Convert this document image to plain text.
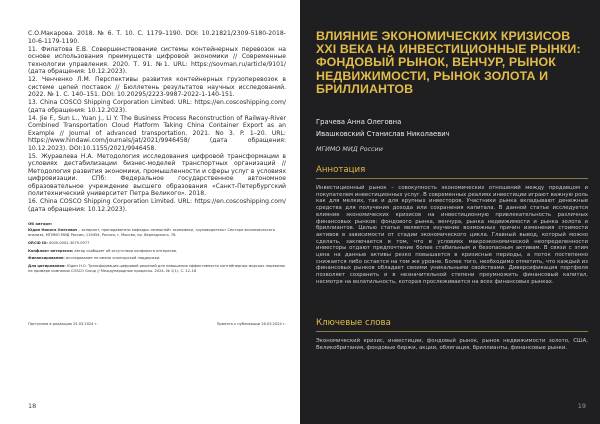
С.О.Макарова. 2018. № 6. Т. 10. С. 1179–1190. DOI: 10.21821/2309-5180-2018-10-6-1179-1190.

11. Филатова Е.В. Совершенствование системы контейнерных перевозок на основе использования преимуществ цифровой экономики // Современные технологии управления. 2020. Т. 91. №1. URL: https://sovman.ru/article/9101/ (дата обращения: 10.12.2023).

12. Ченченко Л.М. Перспективы развития контейнерных грузоперевозок в системе цепей поставок // Бюллетень результатов научных исследований. 2022. № 1. С. 140–151. DOI: 10.20295/2223-9987-2022-1-140-151.

13. China COSCO Shipping Corporation Limited. URL: https://en.coscoshipping.com/ (дата обращения: 10.12.2023).

14. Jie F., Sun L., Yuan J., Li Y. The Business Process Reconstruction of Railway-River Combined Transportation Cloud Platform Taking China Container Export as an Example // Journal of advanced transportation. 2021. No 3. P. 1–20. URL: https://www.hindawi.com/journals/jat/2021/9946458/ (дата обращения: 10.12.2023). DOI:10.1155/2021/9946458.

15. Журавлева Н.А. Методология исследования цифровой трансформации в условиях дестабилизации бизнес-моделей транспортных организаций // Методология развития экономики, промышленности и сферы услуг в условиях цифровизации. СПб: Федеральное государственное автономное образовательное учреждение высшего образования «Санкт-Петербургский политехнический университет Петра Великого». 2018.

16. China COSCO Shipping Corporation Limited. URL: https://en.coscoshipping.com/ (дата обращения: 10.12.2023).

Об авторе:

Юдин Никита Олегович – аспирант, преподаватель кафедры «внешней» экономики, «руководитель» Сектора экономического анализа, МГИМО МИД России, 119454, Россия, г. Москва, пр. Вернадского, 76.

ORCID ID: 0000-0002-3079-0977

Конфликт интересов: автор сообщает об отсутствии конфликта интересов.

Финансирование: исследование не имело спонсорской поддержки.

Для цитирования: Юдин Н.О. Трансформация цифровой решений для повышения эффективности контейнерных морских перевозок на примере компании COSCO Group // Международные процессы. 2024. № 1(1). С. 12–18

Поступила в редакцию 25.03.2024 г.	Принята к публикации 26.03.2024 г.
18
ВЛИЯНИЕ ЭКОНОМИЧЕСКИХ КРИЗИСОВ XXI ВЕКА НА ИНВЕСТИЦИОННЫЕ РЫНКИ: ФОНДОВЫЙ РЫНОК, ВЕНЧУР, РЫНОК НЕДВИЖИМОСТИ, РЫНОК ЗОЛОТА И БРИЛЛИАНТОВ
Грачева Анна Олеговна
Ивашковский Станислав Николаевич
МГИМО МИД России
Аннотация

Инвестиционный рынок – совокупность экономических отношений между продавцом и покупателем инвестиционных услуг. В современных реалиях инвестиции играют важную роль как для мелких, так и для крупных инвесторов. Участники рынка вкладывают денежные средства для получения дохода или сохранения капитала. В данной статье исследуется влияние экономических кризисов на инвестиционную привлекательность различных финансовых рынков: фондового рынка, венчура, рынка недвижимости и рынка золота и бриллиантов. Целью статьи является изучение возможных причин изменения стоимости активов в зависимости от стадии экономического цикла. Главный вывод, который можно сделать, заключается в том, что в условиях макроэкономической неопределенности инвесторы отдают предпочтение более стабильным и безопасным активам. В связи с этим цена на данные активы резко повышается в кризисные периоды, а поток постепенно снижается либо остается на том же уровне. Более того, необходимо отметить, что каждый из финансовых рынков обладает своими уникальными свойствами. Диверсификация портфеля позволяет сохранить и в незначительной степени преумножить финансовый капитал, несмотря на волатильность, которая прослеживается на всех финансовых рынках.

Ключевые слова

Экономический кризис, инвестиции, фондовый рынок, рынок недвижимости золото, США, Великобритания, фондовые биржи, акции, облигация, бриллианты, финансовые рынки.

19
